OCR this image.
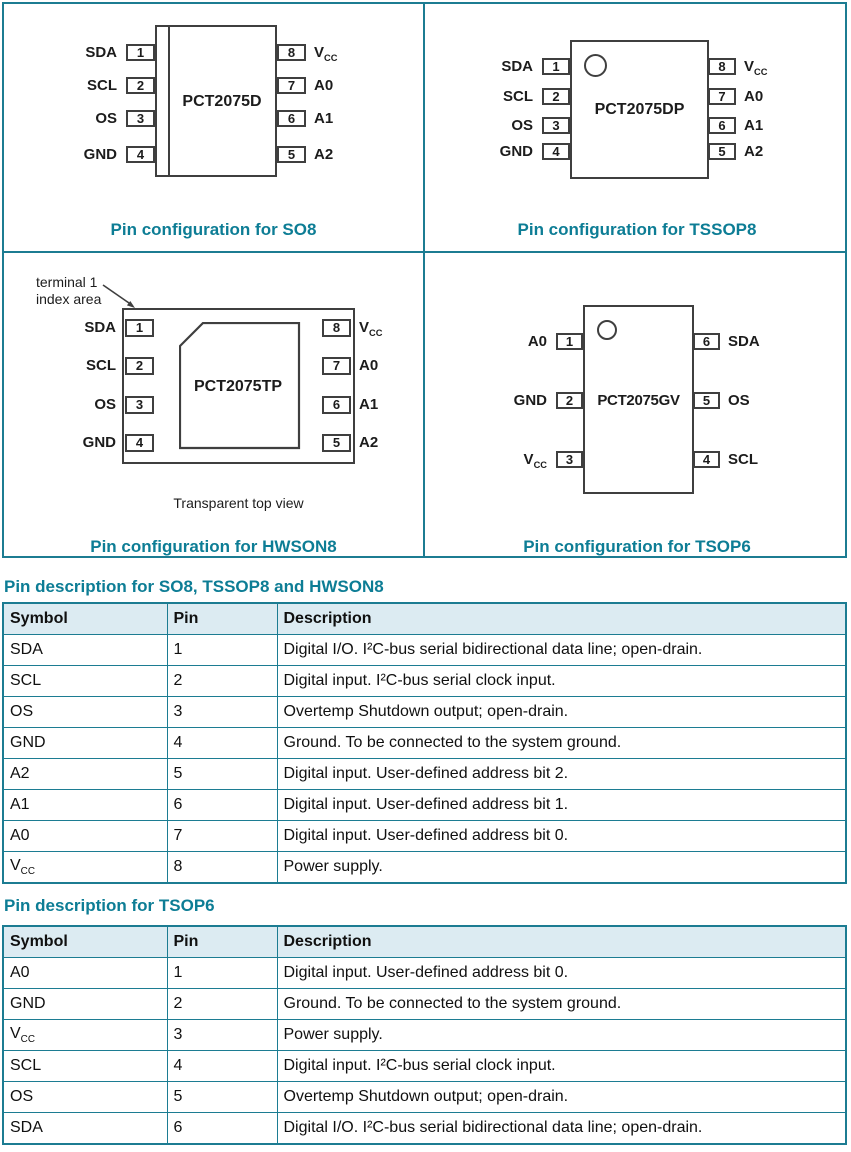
PCT2075D
Pin configuration for SO8
PCT2075DP
Pin configuration for TSSOP8
PCT2075TP
terminal 1
index area
Transparent top view
Pin configuration for HWSON8
PCT2075GV
Pin configuration for TSOP6
1
SDA
2
SCL
3
OS
4
GND
8	$V_{CC}$
7	A0
6	A1
5	A2
1
SDA
2
SCL
3
OS
4
GND
8	$V_{CC}$
7	A0
6	A1
5	A2
1
SDA
2
SCL
3
OS
4
GND
8	$V_{CC}$
7	A0
6	A1
5	A2
1
A0
2
GND
3
$V_{CC}$
6	SDA
5	OS
4	SCL
Pin description for SO8, TSSOP8 and HWSON8
Symbol	Pin	Description
SDA	1	Digital I/O. I²C-bus serial bidirectional data line; open-drain.
SCL	2	Digital input. I²C-bus serial clock input.
OS	3	Overtemp Shutdown output; open-drain.
GND	4	Ground. To be connected to the system ground.
A2	5	Digital input. User-defined address bit 2.
A1	6	Digital input. User-defined address bit 1.
A0	7	Digital input. User-defined address bit 0.
$V_{CC}$	8	Power supply.
Pin description for TSOP6
Symbol	Pin	Description
A0	1	Digital input. User-defined address bit 0.
GND	2	Ground. To be connected to the system ground.
$V_{CC}$	3	Power supply.
SCL	4	Digital input. I²C-bus serial clock input.
OS	5	Overtemp Shutdown output; open-drain.
SDA	6	Digital I/O. I²C-bus serial bidirectional data line; open-drain.
